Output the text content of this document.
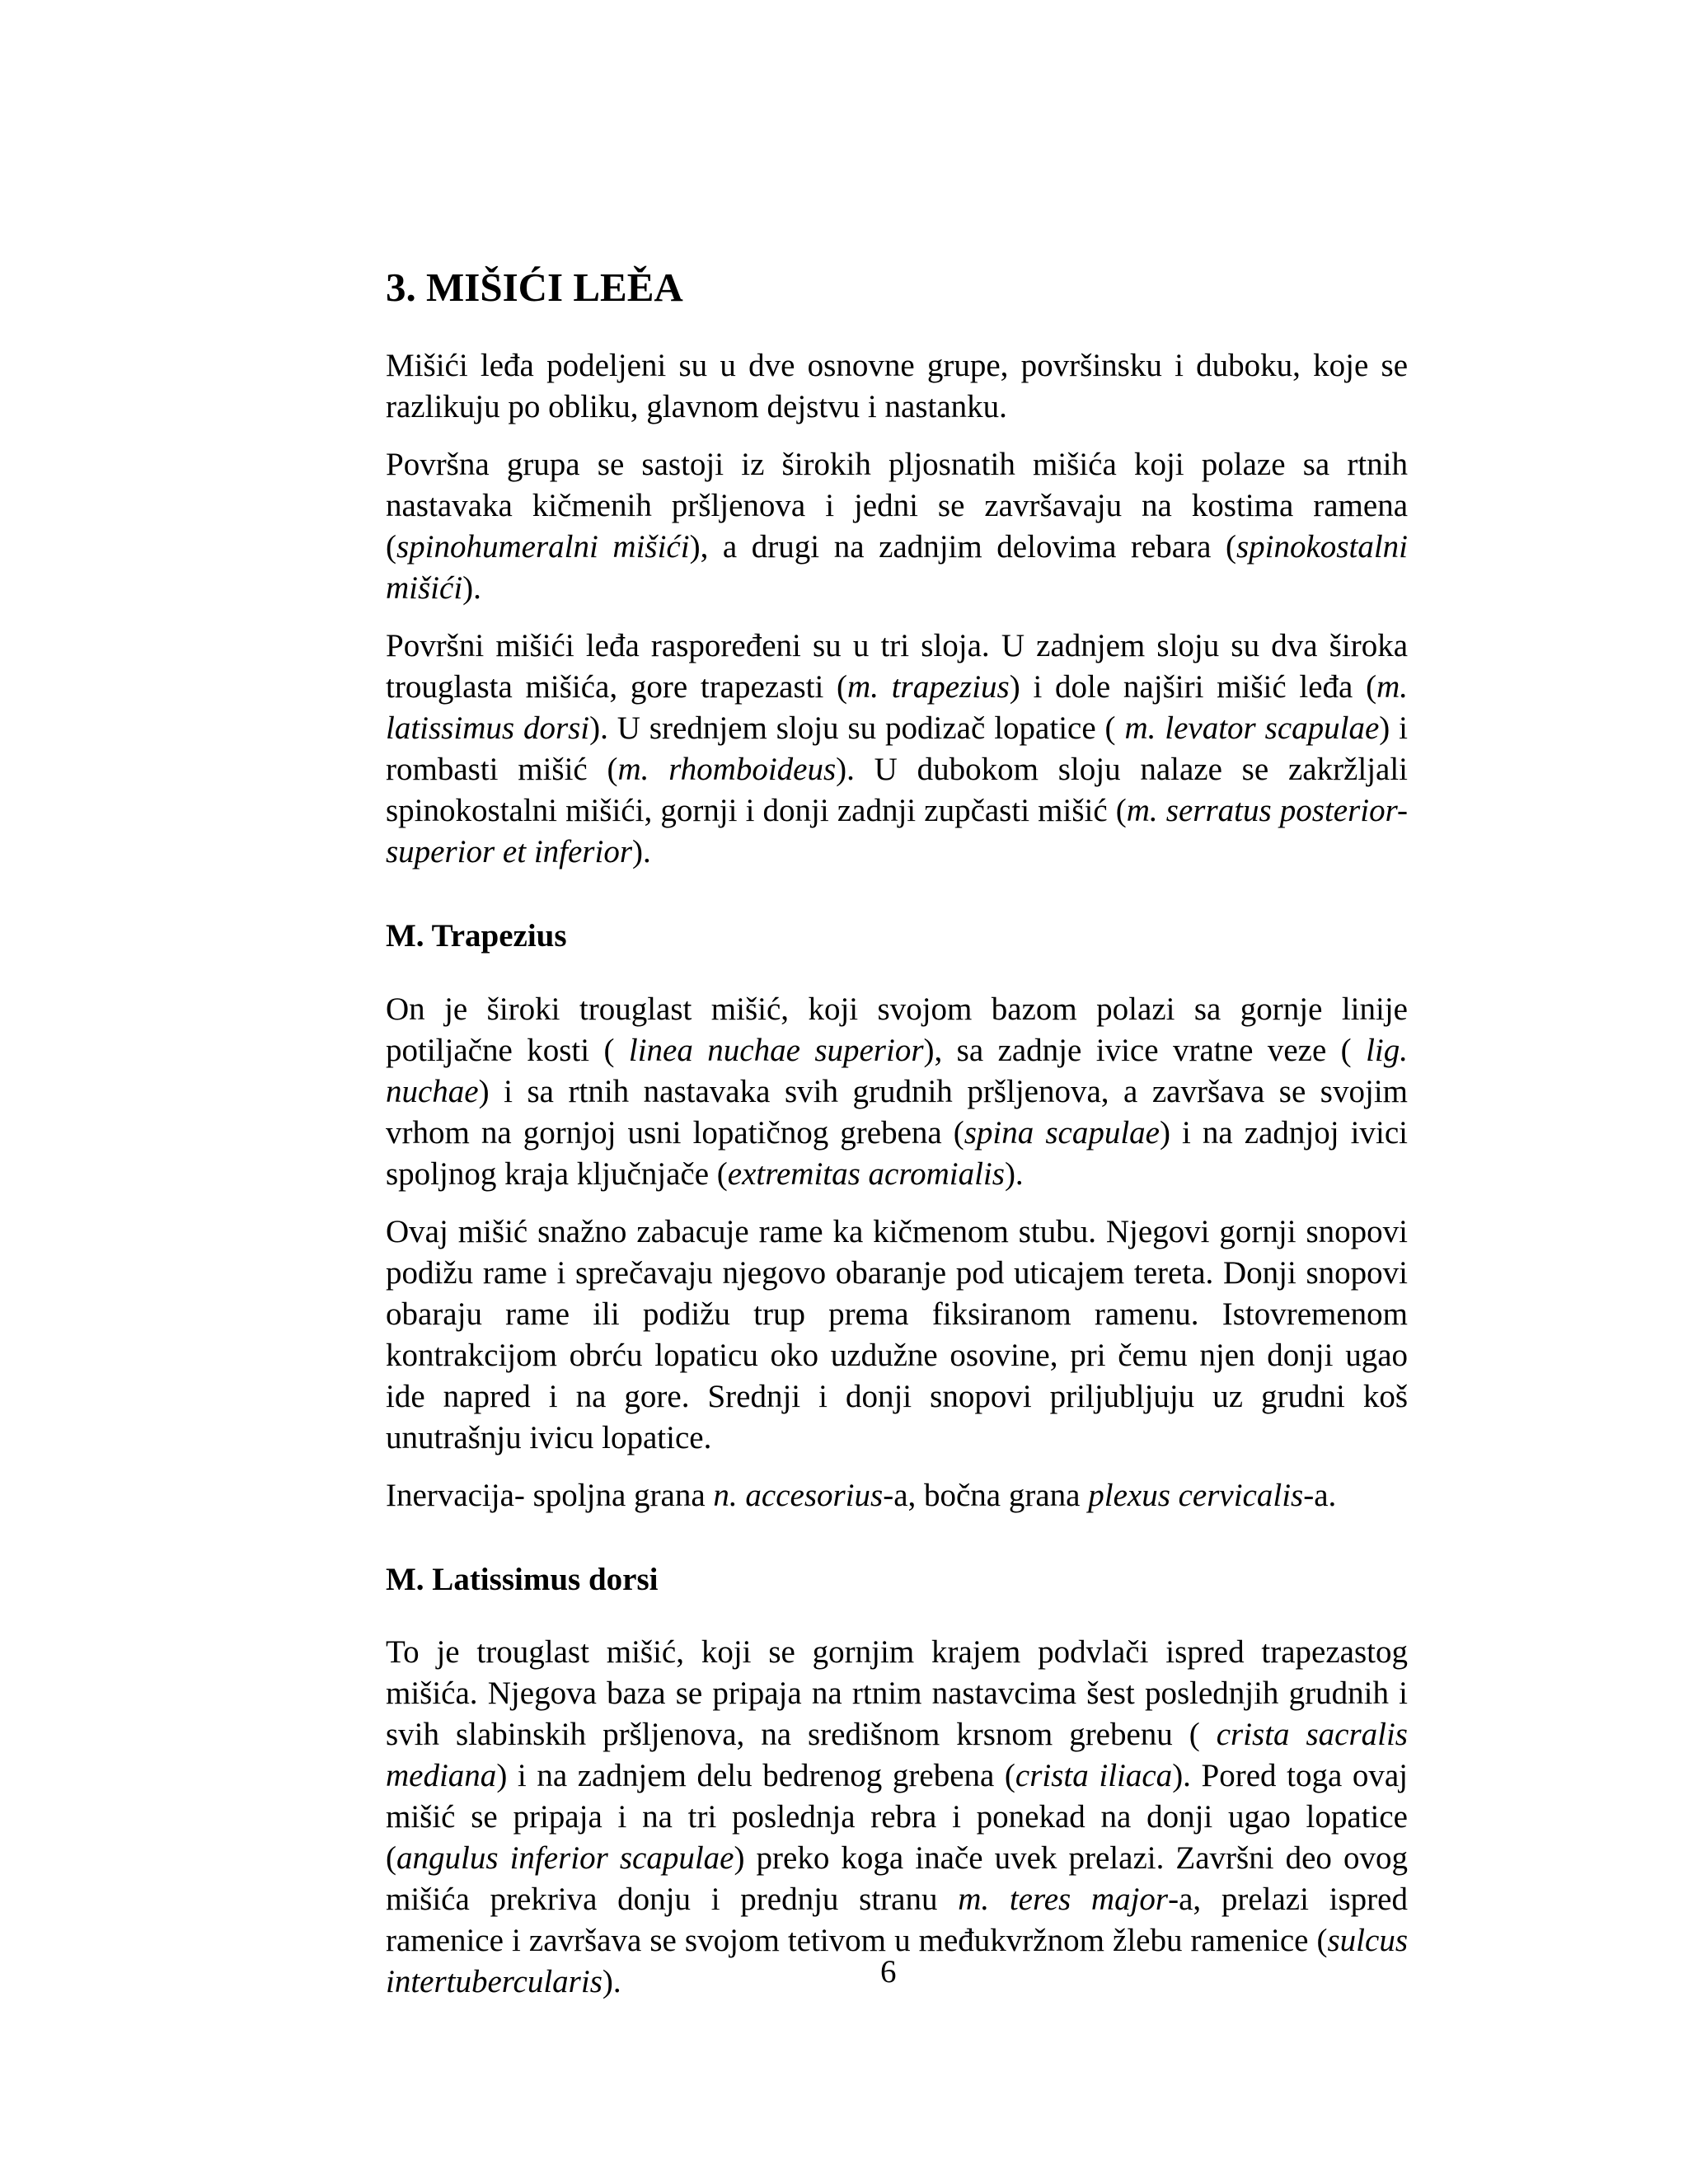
3. MIŠIĆI LEĚA

Mišići leđa podeljeni su u dve osnovne grupe, površinsku i duboku, koje se razlikuju po obliku, glavnom dejstvu i nastanku.

Površna grupa se sastoji iz širokih pljosnatih mišića koji polaze sa rtnih nastavaka kičmenih pršljenova i jedni se završavaju na kostima ramena (spinohumeralni mišići), a drugi na zadnjim delovima rebara (spinokostalni mišići).

Površni mišići leđa raspoređeni su u tri sloja. U zadnjem sloju su dva široka trouglasta mišića, gore trapezasti (m. trapezius) i dole najširi mišić leđa (m. latissimus dorsi). U srednjem sloju su podizač lopatice ( m. levator scapulae) i rombasti mišić (m. rhomboideus). U dubokom sloju nalaze se zakržljali spinokostalni mišići, gornji i donji zadnji zupčasti mišić (m. serratus posterior- superior et inferior).

M. Trapezius

On je široki trouglast mišić, koji svojom bazom polazi sa gornje linije potiljačne kosti ( linea nuchae superior), sa zadnje ivice vratne veze ( lig. nuchae) i sa rtnih nastavaka svih grudnih pršljenova, a završava se svojim vrhom na gornjoj usni lopatičnog grebena (spina scapulae) i na zadnjoj ivici spoljnog kraja ključnjače (extremitas acromialis).

Ovaj mišić snažno zabacuje rame ka kičmenom stubu. Njegovi gornji snopovi podižu rame i sprečavaju njegovo obaranje pod uticajem tereta. Donji snopovi obaraju rame ili podižu trup prema fiksiranom ramenu. Istovremenom kontrakcijom obrću lopaticu oko uzdužne osovine, pri čemu njen donji ugao ide napred i na gore. Srednji i donji snopovi priljubljuju uz grudni koš unutrašnju ivicu lopatice.

Inervacija- spoljna grana n. accesorius-a, bočna grana plexus cervicalis-a.

M. Latissimus dorsi

To je trouglast mišić, koji se gornjim krajem podvlači ispred trapezastog mišića. Njegova baza se pripaja na rtnim nastavcima šest poslednjih grudnih i svih slabinskih pršljenova, na središnom krsnom grebenu ( crista sacralis mediana) i na zadnjem delu bedrenog grebena (crista iliaca). Pored toga ovaj mišić se pripaja i na tri poslednja rebra i ponekad na donji ugao lopatice (angulus inferior scapulae) preko koga inače uvek prelazi. Završni deo ovog mišića prekriva donju i prednju stranu m. teres major-a, prelazi ispred ramenice i završava se svojom tetivom u međukvržnom žlebu ramenice (sulcus intertubercularis).	6
